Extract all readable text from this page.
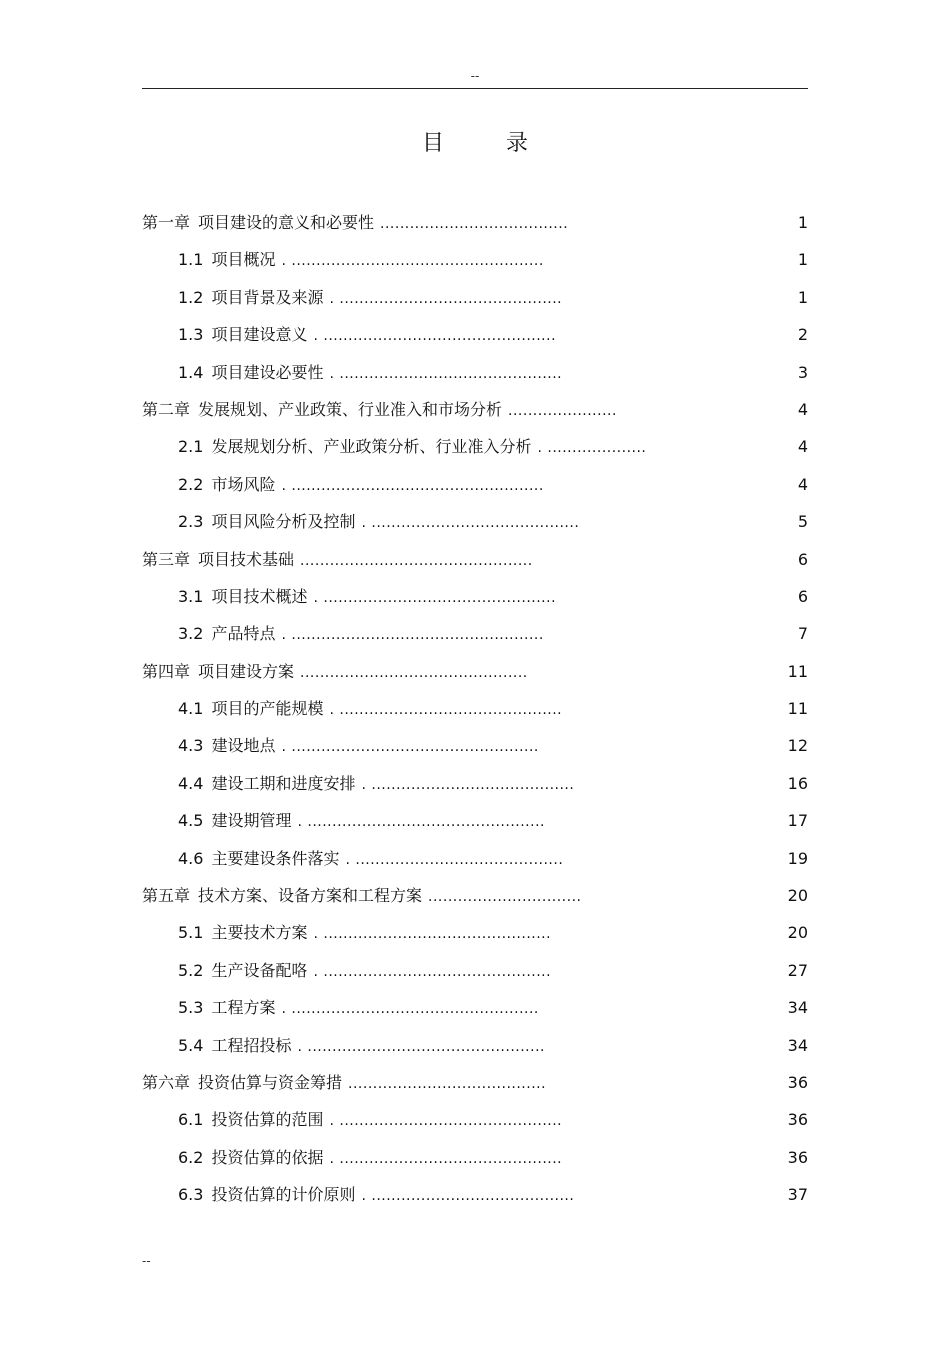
--
目	录
第一章 项目建设的意义和必要性 ......................................	1
1.1 项目概况 . ...................................................	1
1.2 项目背景及来源 . .............................................	1
1.3 项目建设意义 . ...............................................	2
1.4 项目建设必要性 . .............................................	3
第二章 发展规划、产业政策、行业准入和市场分析 ......................	4
2.1 发展规划分析、产业政策分析、行业准入分析 . ....................	4
2.2 市场风险 . ...................................................	4
2.3 项目风险分析及控制 . ..........................................	5
第三章 项目技术基础 ...............................................	6
3.1 项目技术概述 . ...............................................	6
3.2 产品特点 . ...................................................	7
第四章 项目建设方案 ..............................................	11
4.1 项目的产能规模 . .............................................	11
4.3 建设地点 . ..................................................	12
4.4 建设工期和进度安排 . .........................................	16
4.5 建设期管理 . ................................................	17
4.6 主要建设条件落实 . ..........................................	19
第五章 技术方案、设备方案和工程方案 ...............................	20
5.1 主要技术方案 . ..............................................	20
5.2 生产设备配咯 . ..............................................	27
5.3 工程方案 . ..................................................	34
5.4 工程招投标 . ................................................	34
第六章 投资估算与资金筹措 ........................................	36
6.1 投资估算的范围 . .............................................	36
6.2 投资估算的依据 . .............................................	36
6.3 投资估算的计价原则 . .........................................	37
--
